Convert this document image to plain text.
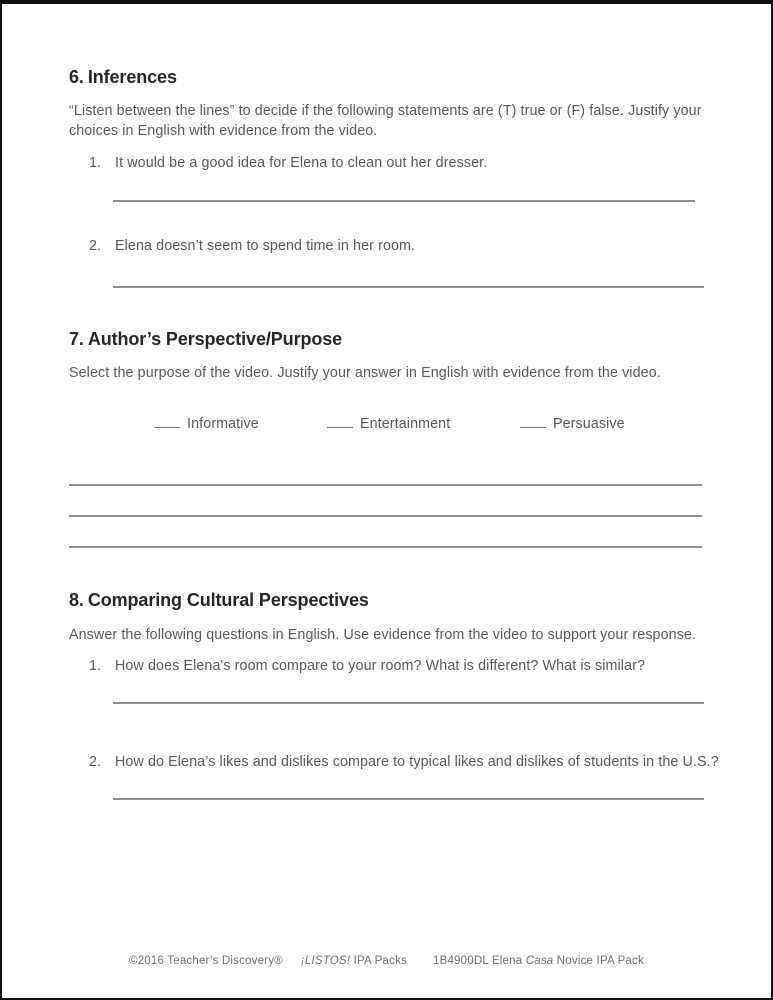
6. Inferences
“Listen between the lines” to decide if the following statements are (T) true or (F) false. Justify your choices in English with evidence from the video.
1. It would be a good idea for Elena to clean out her dresser.
2. Elena doesn’t seem to spend time in her room.
7. Author’s Perspective/Purpose
Select the purpose of the video. Justify your answer in English with evidence from the video.
Informative	Entertainment	Persuasive
8. Comparing Cultural Perspectives
Answer the following questions in English. Use evidence from the video to support your response.
1. How does Elena's room compare to your room? What is different? What is similar?
2. How do Elena’s likes and dislikes compare to typical likes and dislikes of students in the U.S.?
©2016 Teacher’s Discovery® ¡LISTOS! IPA Packs 1B4900DL Elena Casa Novice IPA Pack
